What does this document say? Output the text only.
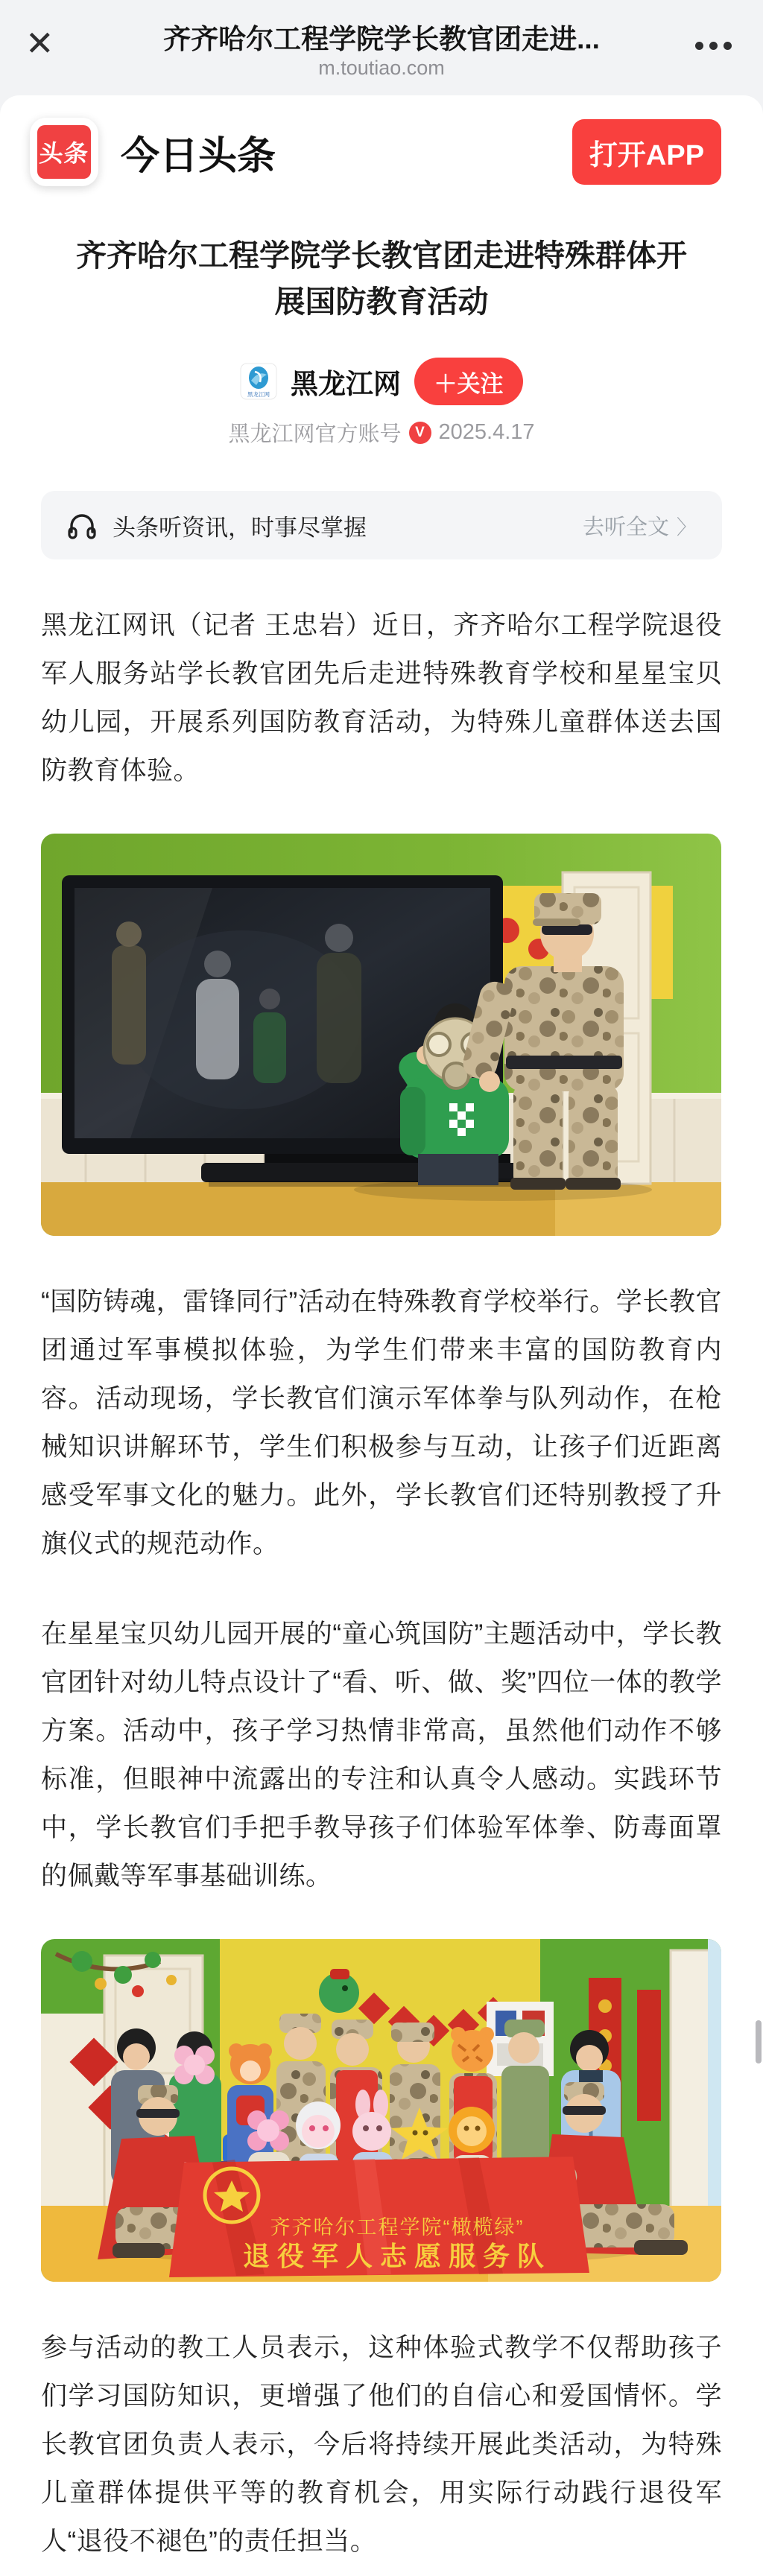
✕	齐齐哈尔工程学院学长教官团走进...
m.toutiao.com
头条 今日头条	打开APP
齐齐哈尔工程学院学长教官团走进特殊群体开展国防教育活动
黑龙江网 黑龙江网	＋关注
黑龙江网官方账号 V 2025.4.17
头条听资讯，时事尽掌握	去听全文 〉

黑龙江网讯（记者 王忠岩）近日，齐齐哈尔工程学院退役军人服务站学长教官团先后走进特殊教育学校和星星宝贝幼儿园，开展系列国防教育活动，为特殊儿童群体送去国防教育体验。

“国防铸魂，雷锋同行”活动在特殊教育学校举行。学长教官团通过军事模拟体验，为学生们带来丰富的国防教育内容。活动现场，学长教官们演示军体拳与队列动作，在枪械知识讲解环节，学生们积极参与互动，让孩子们近距离感受军事文化的魅力。此外，学长教官们还特别教授了升旗仪式的规范动作。

在星星宝贝幼儿园开展的“童心筑国防”主题活动中，学长教官团针对幼儿特点设计了“看、听、做、奖”四位一体的教学方案。活动中，孩子学习热情非常高，虽然他们动作不够标准，但眼神中流露出的专注和认真令人感动。实践环节中，学长教官们手把手教导孩子们体验军体拳、防毒面罩的佩戴等军事基础训练。

齐齐哈尔工程学院“橄榄绿”
退役军人志愿服务队

参与活动的教工人员表示，这种体验式教学不仅帮助孩子们学习国防知识，更增强了他们的自信心和爱国情怀。学长教官团负责人表示，今后将持续开展此类活动，为特殊儿童群体提供平等的教育机会，用实际行动践行退役军人“退役不褪色”的责任担当。
